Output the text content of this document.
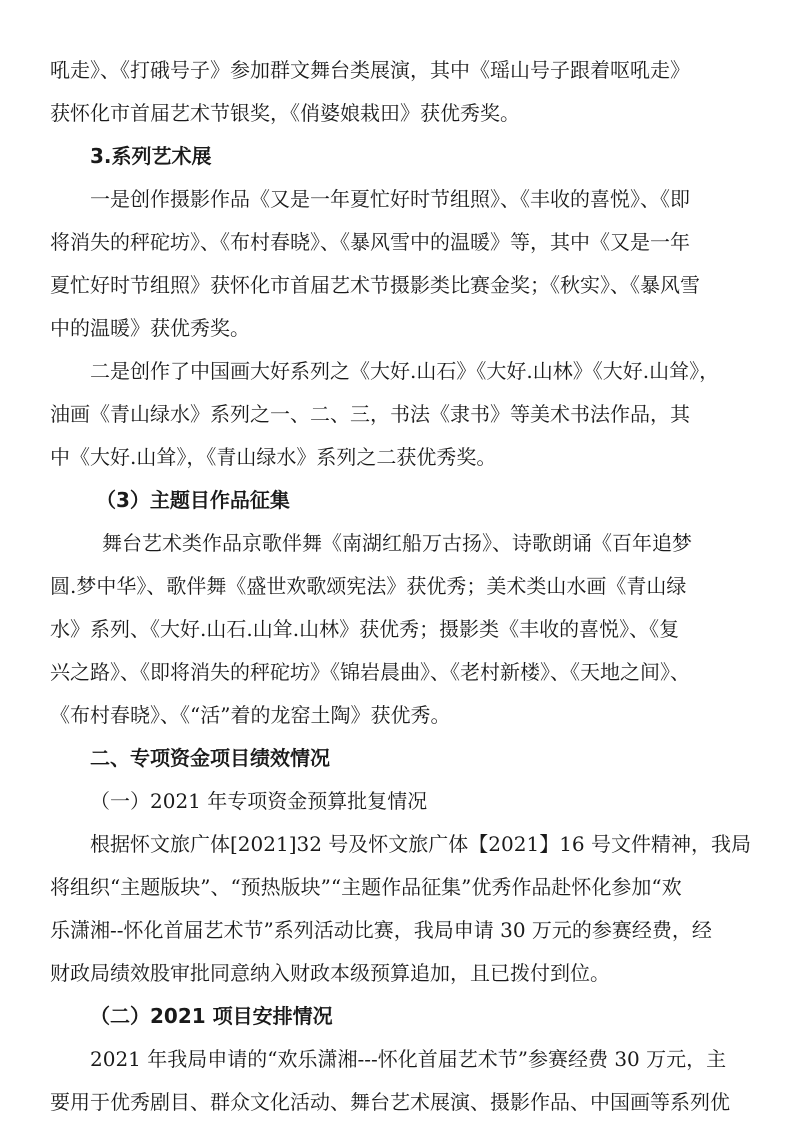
吼走》、《打硪号子》参加群文舞台类展演，其中《瑶山号子跟着呕吼走》
获怀化市首届艺术节银奖，《俏婆娘栽田》获优秀奖。
3.系列艺术展
一是创作摄影作品《又是一年夏忙好时节组照》、《丰收的喜悦》、《即
将消失的秤砣坊》、《布村春晓》、《暴风雪中的温暖》等，其中《又是一年
夏忙好时节组照》获怀化市首届艺术节摄影类比赛金奖；《秋实》、《暴风雪
中的温暖》获优秀奖。
二是创作了中国画大好系列之《大好.山石》《大好.山林》《大好.山耸》，
油画《青山绿水》系列之一、二、三，书法《隶书》等美术书法作品，其
中《大好.山耸》，《青山绿水》系列之二获优秀奖。
（3）主题目作品征集
舞台艺术类作品京歌伴舞《南湖红船万古扬》、诗歌朗诵《百年追梦
圆.梦中华》、歌伴舞《盛世欢歌颂宪法》获优秀；美术类山水画《青山绿
水》系列、《大好.山石.山耸.山林》获优秀；摄影类《丰收的喜悦》、《复
兴之路》、《即将消失的秤砣坊》《锦岩晨曲》、《老村新楼》、《天地之间》、
《布村春晓》、《“活”着的龙窑土陶》获优秀。
二、专项资金项目绩效情况
（一）2021 年专项资金预算批复情况
根据怀文旅广体[2021]32 号及怀文旅广体【2021】16 号文件精神，我局
将组织“主题版块”、“预热版块”“主题作品征集”优秀作品赴怀化参加“欢
乐潇湘--怀化首届艺术节”系列活动比赛，我局申请 30 万元的参赛经费，经
财政局绩效股审批同意纳入财政本级预算追加，且已拨付到位。
（二）2021 项目安排情况
2021 年我局申请的“欢乐潇湘---怀化首届艺术节”参赛经费 30 万元，主
要用于优秀剧目、群众文化活动、舞台艺术展演、摄影作品、中国画等系列优
